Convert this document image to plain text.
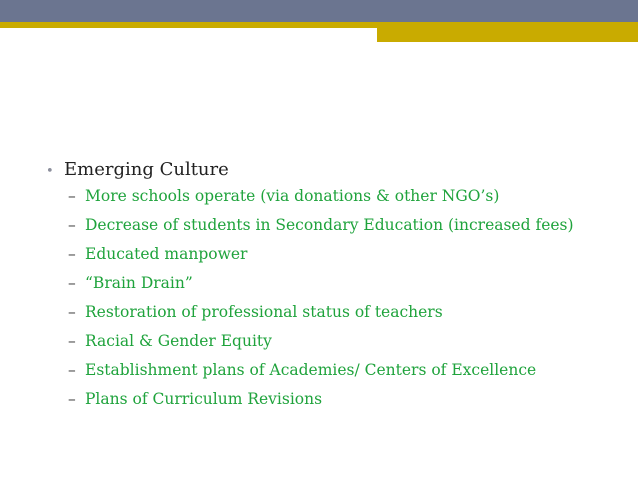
• Emerging Culture
– More schools operate (via donations & other NGO’s)
– Decrease of students in Secondary Education (increased fees)
– Educated manpower
– “Brain Drain”
– Restoration of professional status of teachers
– Racial & Gender Equity
– Establishment plans of Academies/ Centers of Excellence
– Plans of Curriculum Revisions
